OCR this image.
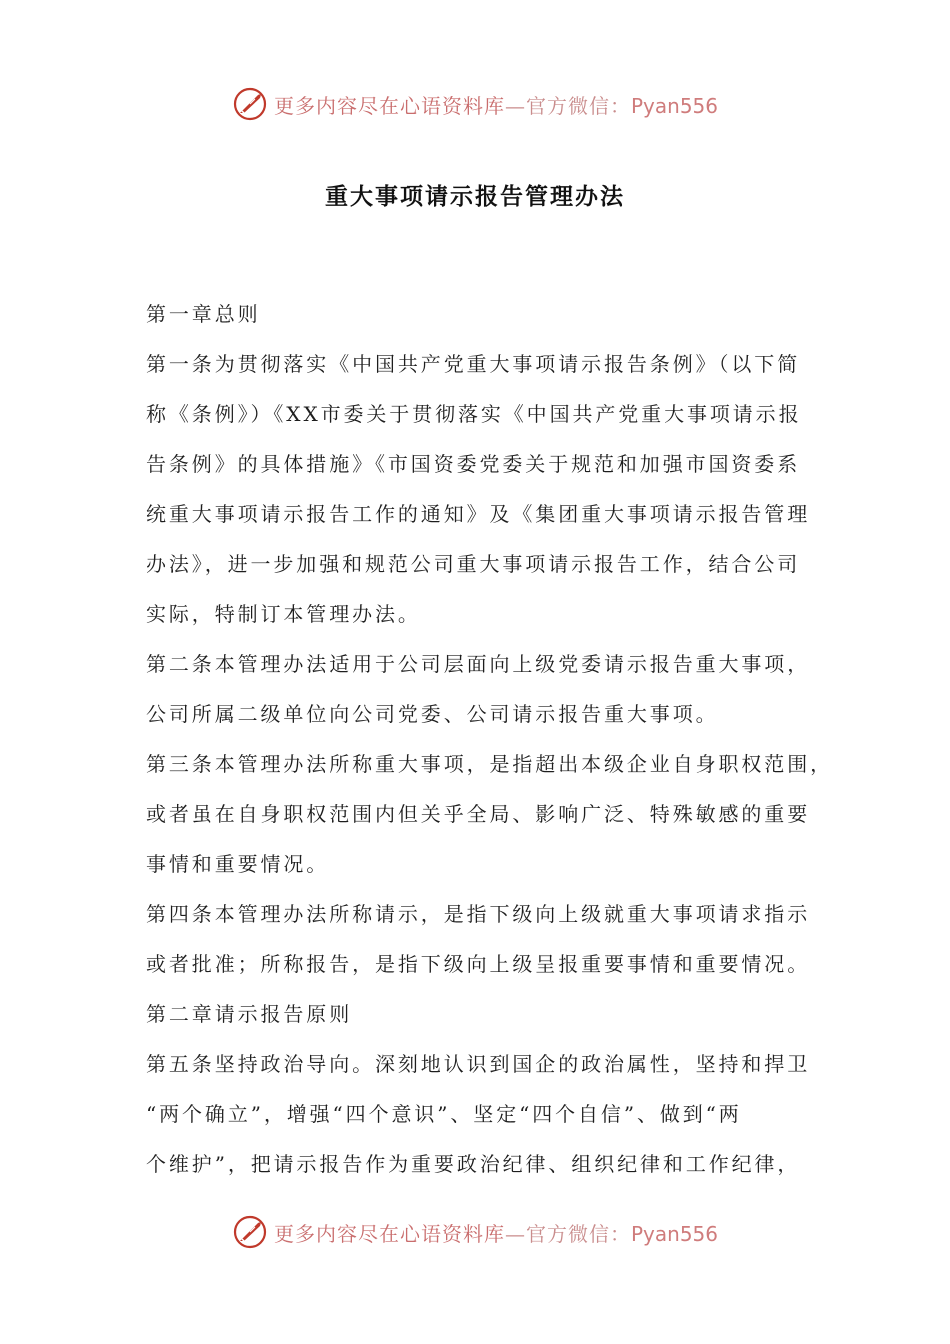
更多内容尽在心语资料库—官方微信：Pyan556
重大事项请示报告管理办法
第一章总则
第一条为贯彻落实《中国共产党重大事项请示报告条例》（以下简
称《条例》）《XX市委关于贯彻落实《中国共产党重大事项请示报
告条例》的具体措施》《市国资委党委关于规范和加强市国资委系
统重大事项请示报告工作的通知》及《集团重大事项请示报告管理
办法》，进一步加强和规范公司重大事项请示报告工作，结合公司
实际，特制订本管理办法。
第二条本管理办法适用于公司层面向上级党委请示报告重大事项，
公司所属二级单位向公司党委、公司请示报告重大事项。
第三条本管理办法所称重大事项，是指超出本级企业自身职权范围，
或者虽在自身职权范围内但关乎全局、影响广泛、特殊敏感的重要
事情和重要情况。
第四条本管理办法所称请示，是指下级向上级就重大事项请求指示
或者批准；所称报告，是指下级向上级呈报重要事情和重要情况。
第二章请示报告原则
第五条坚持政治导向。深刻地认识到国企的政治属性，坚持和捍卫
“两个确立”，增强“四个意识”、坚定“四个自信”、做到“两
个维护”，把请示报告作为重要政治纪律、组织纪律和工作纪律，
更多内容尽在心语资料库—官方微信：Pyan556
